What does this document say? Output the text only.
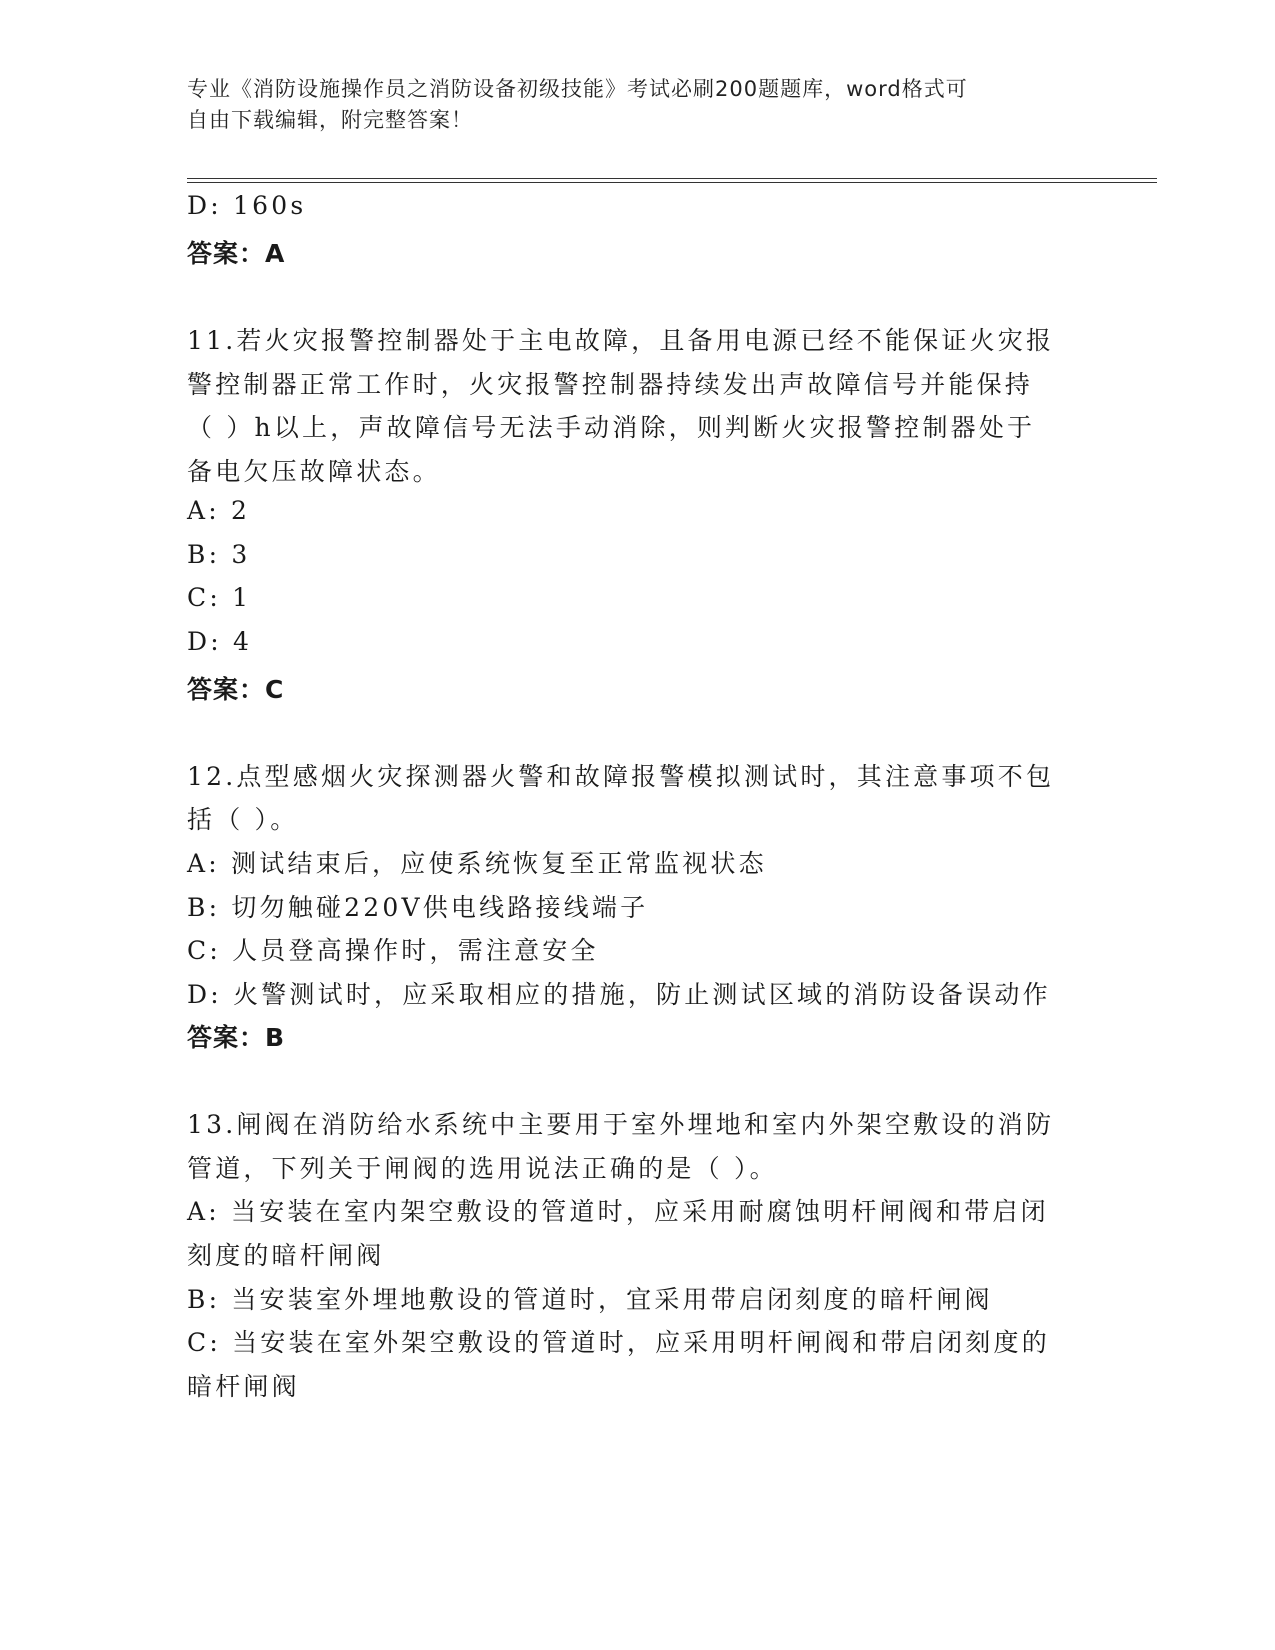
专业《消防设施操作员之消防设备初级技能》考试必刷200题题库，word格式可
自由下载编辑，附完整答案！
D: 160s
答案：A
11.若火灾报警控制器处于主电故障，且备用电源已经不能保证火灾报
警控制器正常工作时，火灾报警控制器持续发出声故障信号并能保持
（ ）h以上，声故障信号无法手动消除，则判断火灾报警控制器处于
备电欠压故障状态。
A: 2
B: 3
C: 1
D: 4
答案：C
12.点型感烟火灾探测器火警和故障报警模拟测试时，其注意事项不包
括（ ）。
A: 测试结束后，应使系统恢复至正常监视状态
B: 切勿触碰220V供电线路接线端子
C: 人员登高操作时，需注意安全
D: 火警测试时，应采取相应的措施，防止测试区域的消防设备误动作
答案：B
13.闸阀在消防给水系统中主要用于室外埋地和室内外架空敷设的消防
管道，下列关于闸阀的选用说法正确的是（ ）。
A: 当安装在室内架空敷设的管道时，应采用耐腐蚀明杆闸阀和带启闭
刻度的暗杆闸阀
B: 当安装室外埋地敷设的管道时，宜采用带启闭刻度的暗杆闸阀
C: 当安装在室外架空敷设的管道时，应采用明杆闸阀和带启闭刻度的
暗杆闸阀
